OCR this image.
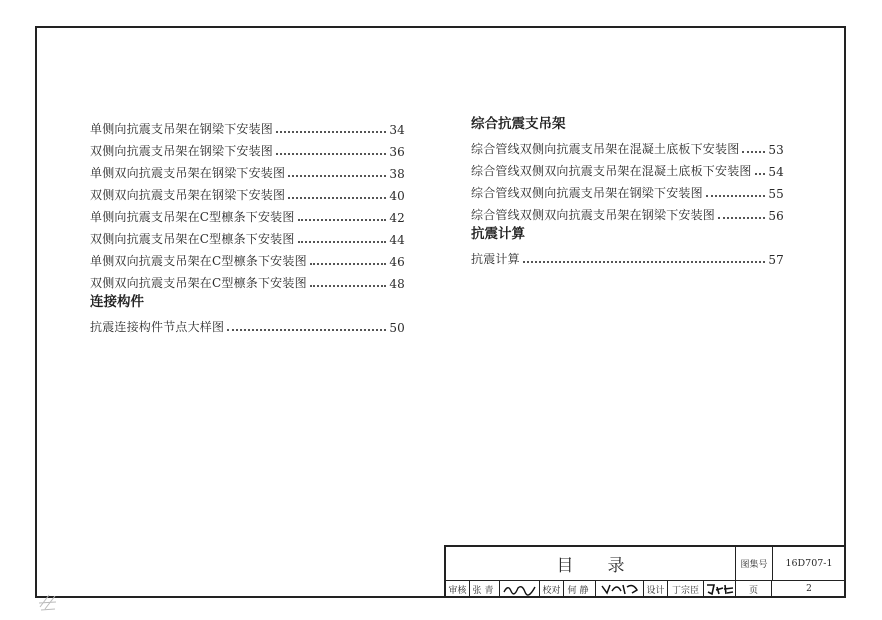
单侧向抗震支吊架在钢梁下安装图	34
双侧向抗震支吊架在钢梁下安装图	36
单侧双向抗震支吊架在钢梁下安装图	38
双侧双向抗震支吊架在钢梁下安装图	40
单侧向抗震支吊架在C型檩条下安装图	42
双侧向抗震支吊架在C型檩条下安装图	44
单侧双向抗震支吊架在C型檩条下安装图	46
双侧双向抗震支吊架在C型檩条下安装图	48
连接构件
抗震连接构件节点大样图	50
综合抗震支吊架
综合管线双侧向抗震支吊架在混凝土底板下安装图 53
综合管线双侧双向抗震支吊架在混凝土底板下安装图 54
综合管线双侧向抗震支吊架在钢梁下安装图	55
综合管线双侧双向抗震支吊架在钢梁下安装图	56
抗震计算
抗震计算	57
目录	图集号	16D707-1
审核 张青	校对 何静	设计 丁宗臣	页	2
